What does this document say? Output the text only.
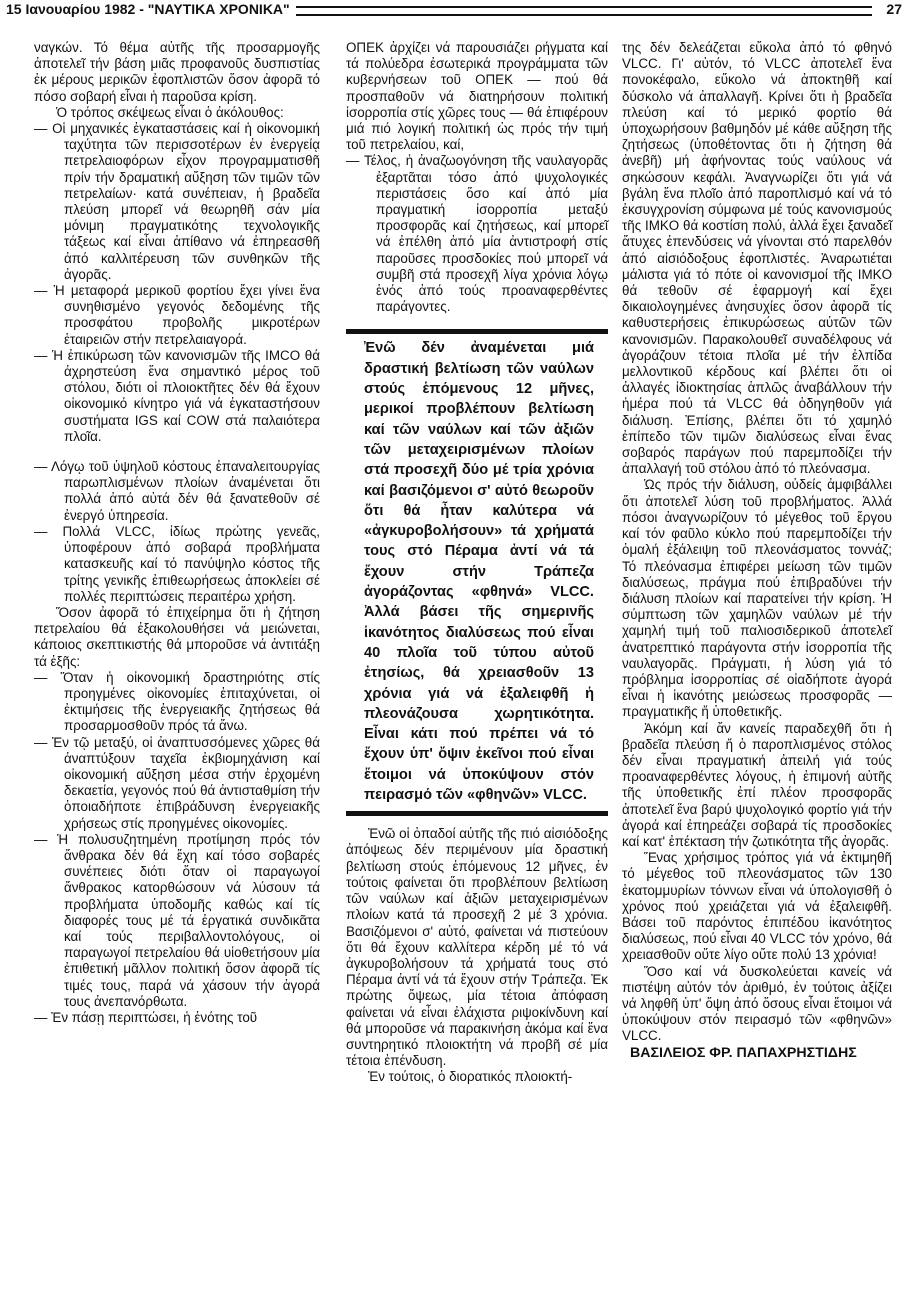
15 Ιανουαρίου 1982 - "ΝΑΥΤΙΚΑ ΧΡΟΝΙΚΑ"	27

ναγκών. Τό θέμα αὐτῆς τῆς προσαρμογῆς ἀποτελεῖ τήν βάση μιᾶς προφανοῦς δυσπιστίας ἐκ μέρους μερικῶν ἐφοπλιστῶν ὅσον ἀφορᾶ τό πόσο σοβαρή εἶναι ἡ παροῦσα κρίση.

Ὁ τρόπος σκέψεως εἶναι ὁ ἀκόλουθος:

— Οἱ μηχανικές ἐγκαταστάσεις καί ἡ οἰκονομική ταχύτητα τῶν περισσοτέρων ἐν ἐνεργείᾳ πετρελαιοφόρων εἶχον προγραμματισθῆ πρίν τήν δραματική αὔξηση τῶν τιμῶν τῶν πετρελαίων· κατά συνέπειαν, ἡ βραδεῖα πλεύση μπορεῖ νά θεωρηθῆ σάν μία μόνιμη πραγματικότης τεχνολογικῆς τάξεως καί εἶναι ἀπίθανο νά ἐπηρεασθῆ ἀπό καλλιτέρευση τῶν συνθηκῶν τῆς ἀγορᾶς.

— Ἡ μεταφορά μερικοῦ φορτίου ἔχει γίνει ἕνα συνηθισμένο γεγονός δεδομένης τῆς προσφάτου προβολῆς μικροτέρων ἑταιρειῶν στήν πετρελαιαγορά.

— Ἡ ἐπικύρωση τῶν κανονισμῶν τῆς IMCO θά ἀχρηστεύση ἕνα σημαντικό μέρος τοῦ στόλου, διότι οἱ πλοιοκτῆτες δέν θά ἔχουν οἰκονομικό κίνητρο γιά νά ἐγκαταστήσουν συστήματα IGS καί COW στά παλαιότερα πλοῖα.

— Λόγῳ τοῦ ὑψηλοῦ κόστους ἐπαναλειτουργίας παρωπλισμένων πλοίων ἀναμένεται ὅτι πολλά ἀπό αὐτά δέν θά ξανατεθοῦν σέ ἐνεργό ὑπηρεσία.

— Πολλά VLCC, ἰδίως πρώτης γενεᾶς, ὑποφέρουν ἀπό σοβαρά προβλήματα κατασκευῆς καί τό πανύψηλο κόστος τῆς τρίτης γενικῆς ἐπιθεωρήσεως ἀποκλείει σέ πολλές περιπτώσεις περαιτέρω χρήση.

Ὅσον ἀφορᾶ τό ἐπιχείρημα ὅτι ἡ ζήτηση πετρελαίου θά ἐξακολουθήσει νά μειώνεται, κάποιος σκεπτικιστής θά μποροῦσε νά ἀντιτάξη τά ἑξῆς:

— Ὅταν ἡ οἰκονομική δραστηριότης στίς προηγμένες οἰκονομίες ἐπιταχύνεται, οἱ ἐκτιμήσεις τῆς ἐνεργειακῆς ζητήσεως θά προσαρμοσθοῦν πρός τά ἄνω.

— Ἐν τῷ μεταξύ, οἱ ἀναπτυσσόμενες χῶρες θά ἀναπτύξουν ταχεῖα ἐκβιομηχάνιση καί οἰκονομική αὔξηση μέσα στήν ἐρχομένη δεκαετία, γεγονός πού θά ἀντισταθμίση τήν ὁποιαδήποτε ἐπιβράδυνση ἐνεργειακῆς χρήσεως στίς προηγμένες οἰκονομίες.

— Ἡ πολυσυζητημένη προτίμηση πρός τόν ἄνθρακα δέν θά ἔχη καί τόσο σοβαρές συνέπειες διότι ὅταν οἱ παραγωγοί ἄνθρακος κατορθώσουν νά λύσουν τά προβλήματα ὑποδομῆς καθώς καί τίς διαφορές τους μέ τά ἐργατικά συνδικᾶτα καί τούς περιβαλλοντολόγους, οἱ παραγωγοί πετρελαίου θά υἱοθετήσουν μία ἐπιθετική μᾶλλον πολιτική ὅσον ἀφορᾶ τίς τιμές τους, παρά νά χάσουν τήν ἀγορά τους ἀνεπανόρθωτα.

— Ἐν πάσῃ περιπτώσει, ἡ ἑνότης τοῦ

ΟΠΕΚ ἀρχίζει νά παρουσιάζει ρήγματα καί τά πολύεδρα ἐσωτερικά προγράμματα τῶν κυβερνήσεων τοῦ ΟΠΕΚ — πού θά προσπαθοῦν νά διατηρήσουν πολιτική ἰσορροπία στίς χῶρες τους — θά ἐπιφέρουν μιά πιό λογική πολιτική ὡς πρός τήν τιμή τοῦ πετρελαίου, καί,

— Τέλος, ἡ ἀναζωογόνηση τῆς ναυλαγορᾶς ἐξαρτᾶται τόσο ἀπό ψυχολογικές περιστάσεις ὅσο καί ἀπό μία πραγματική ἰσορροπία μεταξύ προσφορᾶς καί ζητήσεως, καί μπορεῖ νά ἐπέλθη ἀπό μία ἀντιστροφή στίς παροῦσες προσδοκίες πού μπορεῖ νά συμβῆ στά προσεχῆ λίγα χρόνια λόγῳ ἑνός ἀπό τούς προαναφερθέντες παράγοντες.

Ἐνῶ δέν ἀναμένεται μιά δραστική βελτίωση τῶν ναύλων στούς ἑπόμενους 12 μῆνες, μερικοί προβλέπουν βελτίωση καί τῶν ναύλων καί τῶν ἀξιῶν τῶν μεταχειρισμένων πλοίων στά προσεχῆ δύο μέ τρία χρόνια καί βασιζόμενοι σ' αὐτό θεωροῦν ὅτι θά ἦταν καλύτερα νά «ἀγκυροβολήσουν» τά χρήματά τους στό Πέραμα ἀντί νά τά ἔχουν στήν Τράπεζα ἀγοράζοντας «φθηνά» VLCC. Ἀλλά βάσει τῆς σημερινῆς ἱκανότητος διαλύσεως πού εἶναι 40 πλοῖα τοῦ τύπου αὐτοῦ ἐτησίως, θά χρειασθοῦν 13 χρόνια γιά νά ἐξαλειφθῆ ἡ πλεονάζουσα χωρητικότητα. Εἶναι κάτι πού πρέπει νά τό ἔχουν ὑπ' ὄψιν ἐκεῖνοι πού εἶναι ἕτοιμοι νά ὑποκύψουν στόν πειρασμό τῶν «φθηνῶν» VLCC.

Ἐνῶ οἱ ὀπαδοί αὐτῆς τῆς πιό αἰσιόδοξης ἀπόψεως δέν περιμένουν μία δραστική βελτίωση στούς ἑπόμενους 12 μῆνες, ἐν τούτοις φαίνεται ὅτι προβλέπουν βελτίωση τῶν ναύλων καί ἀξιῶν μεταχειρισμένων πλοίων κατά τά προσεχῆ 2 μέ 3 χρόνια. Βασιζόμενοι σ' αὐτό, φαίνεται νά πιστεύουν ὅτι θά ἔχουν καλλίτερα κέρδη μέ τό νά ἀγκυροβολήσουν τά χρήματά τους στό Πέραμα ἀντί νά τά ἔχουν στήν Τράπεζα. Ἐκ πρώτης ὄψεως, μία τέτοια ἀπόφαση φαίνεται νά εἶναι ἐλάχιστα ριψοκίνδυνη καί θά μποροῦσε νά παρακινήση ἀκόμα καί ἕνα συντηρητικό πλοιοκτήτη νά προβῆ σέ μία τέτοια ἐπένδυση.

Ἐν τούτοις, ὁ διορατικός πλοιοκτή-

της δέν δελεάζεται εὔκολα ἀπό τό φθηνό VLCC. Γι' αὐτόν, τό VLCC ἀποτελεῖ ἕνα πονοκέφαλο, εὔκολο νά ἀποκτηθῆ καί δύσκολο νά ἀπαλλαγῆ. Κρίνει ὅτι ἡ βραδεῖα πλεύση καί τό μερικό φορτίο θά ὑποχωρήσουν βαθμηδόν μέ κάθε αὔξηση τῆς ζητήσεως (ὑποθέτοντας ὅτι ἡ ζήτηση θά ἀνεβῆ) μή ἀφήνοντας τούς ναύλους νά σηκώσουν κεφάλι. Ἀναγνωρίζει ὅτι γιά νά βγάλη ἕνα πλοῖο ἀπό παροπλισμό καί νά τό ἐκσυγχρονίση σύμφωνα μέ τούς κανονισμούς τῆς IMKO θά κοστίση πολύ, ἀλλά ἔχει ξαναδεῖ ἄτυχες ἐπενδύσεις νά γίνονται στό παρελθόν ἀπό αἰσιόδοξους ἐφοπλιστές. Ἀναρωτιέται μάλιστα γιά τό πότε οἱ κανονισμοί τῆς IMKO θά τεθοῦν σέ ἐφαρμογή καί ἔχει δικαιολογημένες ἀνησυχίες ὅσον ἀφορᾶ τίς καθυστερήσεις ἐπικυρώσεως αὐτῶν τῶν κανονισμῶν. Παρακολουθεῖ συναδέλφους νά ἀγοράζουν τέτοια πλοῖα μέ τήν ἐλπίδα μελλοντικοῦ κέρδους καί βλέπει ὅτι οἱ ἀλλαγές ἰδιοκτησίας ἁπλῶς ἀναβάλλουν τήν ἡμέρα πού τά VLCC θά ὁδηγηθοῦν γιά διάλυση. Ἐπίσης, βλέπει ὅτι τό χαμηλό ἐπίπεδο τῶν τιμῶν διαλύσεως εἶναι ἕνας σοβαρός παράγων πού παρεμποδίζει τήν ἀπαλλαγή τοῦ στόλου ἀπό τό πλεόνασμα.

Ὡς πρός τήν διάλυση, οὐδείς ἀμφιβάλλει ὅτι ἀποτελεῖ λύση τοῦ προβλήματος. Ἀλλά πόσοι ἀναγνωρίζουν τό μέγεθος τοῦ ἔργου καί τόν φαῦλο κύκλο πού παρεμποδίζει τήν ὁμαλή ἐξάλειψη τοῦ πλεονάσματος τοννάζ; Τό πλεόνασμα ἐπιφέρει μείωση τῶν τιμῶν διαλύσεως, πράγμα πού ἐπιβραδύνει τήν διάλυση πλοίων καί παρατείνει τήν κρίση. Ἡ σύμπτωση τῶν χαμηλῶν ναύλων μέ τήν χαμηλή τιμή τοῦ παλιοσιδερικοῦ ἀποτελεῖ ἀνατρεπτικό παράγοντα στήν ἰσορροπία τῆς ναυλαγορᾶς. Πράγματι, ἡ λύση γιά τό πρόβλημα ἰσορροπίας σέ οἱαδήποτε ἀγορά εἶναι ἡ ἱκανότης μειώσεως προσφορᾶς — πραγματικῆς ἤ ὑποθετικῆς.

Ἀκόμη καί ἄν κανείς παραδεχθῆ ὅτι ἡ βραδεῖα πλεύση ἤ ὁ παροπλισμένος στόλος δέν εἶναι πραγματική ἀπειλή γιά τούς προαναφερθέντες λόγους, ἡ ἐπιμονή αὐτῆς τῆς ὑποθετικῆς ἐπί πλέον προσφορᾶς ἀποτελεῖ ἕνα βαρύ ψυχολογικό φορτίο γιά τήν ἀγορά καί ἐπηρεάζει σοβαρά τίς προσδοκίες καί κατ' ἐπέκταση τήν ζωτικότητα τῆς ἀγορᾶς.

Ἕνας χρήσιμος τρόπος γιά νά ἐκτιμηθῆ τό μέγεθος τοῦ πλεονάσματος τῶν 130 ἑκατομμυρίων τόννων εἶναι νά ὑπολογισθῆ ὁ χρόνος πού χρειάζεται γιά νά ἐξαλειφθῆ. Βάσει τοῦ παρόντος ἐπιπέδου ἱκανότητος διαλύσεως, πού εἶναι 40 VLCC τόν χρόνο, θά χρειασθοῦν οὔτε λίγο οὔτε πολύ 13 χρόνια!

Ὅσο καί νά δυσκολεύεται κανείς νά πιστέψη αὐτόν τόν ἀριθμό, ἐν τούτοις ἀξίζει νά ληφθῆ ὑπ' ὄψη ἀπό ὅσους εἶναι ἕτοιμοι νά ὑποκύψουν στόν πειρασμό τῶν «φθηνῶν» VLCC.

ΒΑΣΙΛΕΙΟΣ ΦΡ. ΠΑΠΑΧΡΗΣΤΙΔΗΣ
